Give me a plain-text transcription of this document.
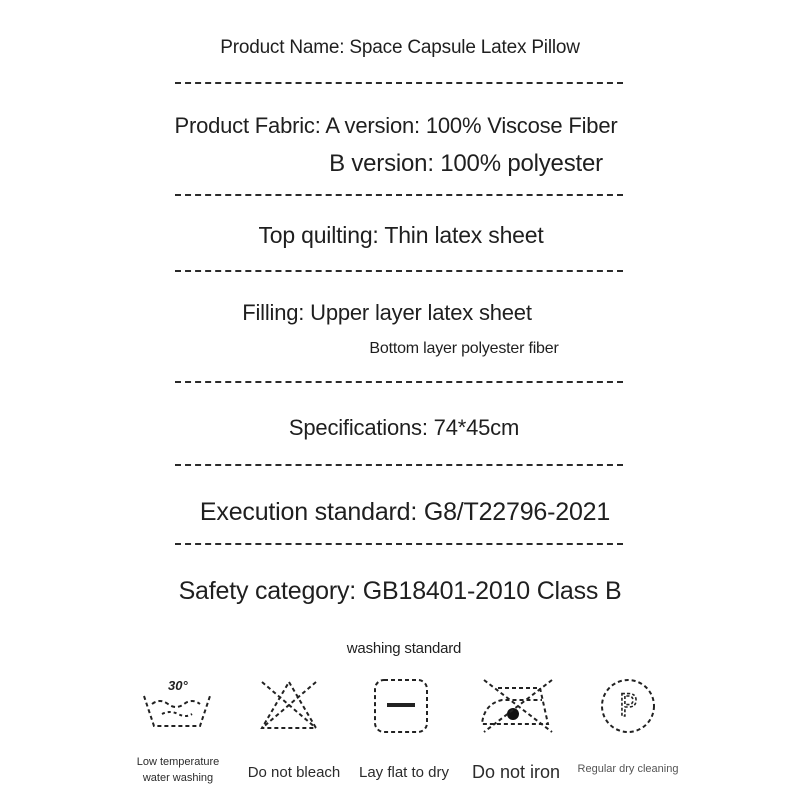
Product Name: Space Capsule Latex Pillow
Product Fabric: A version: 100% Viscose Fiber
B version: 100% polyester
Top quilting: Thin latex sheet
Filling: Upper layer latex sheet
Bottom layer polyester fiber
Specifications: 74*45cm
Execution standard: G8/T22796-2021
Safety category: GB18401-2010 Class B
washing standard
30°
Low temperature
water washing	Do not bleach Lay flat to dry Do not iron
P
Regular dry cleaning
